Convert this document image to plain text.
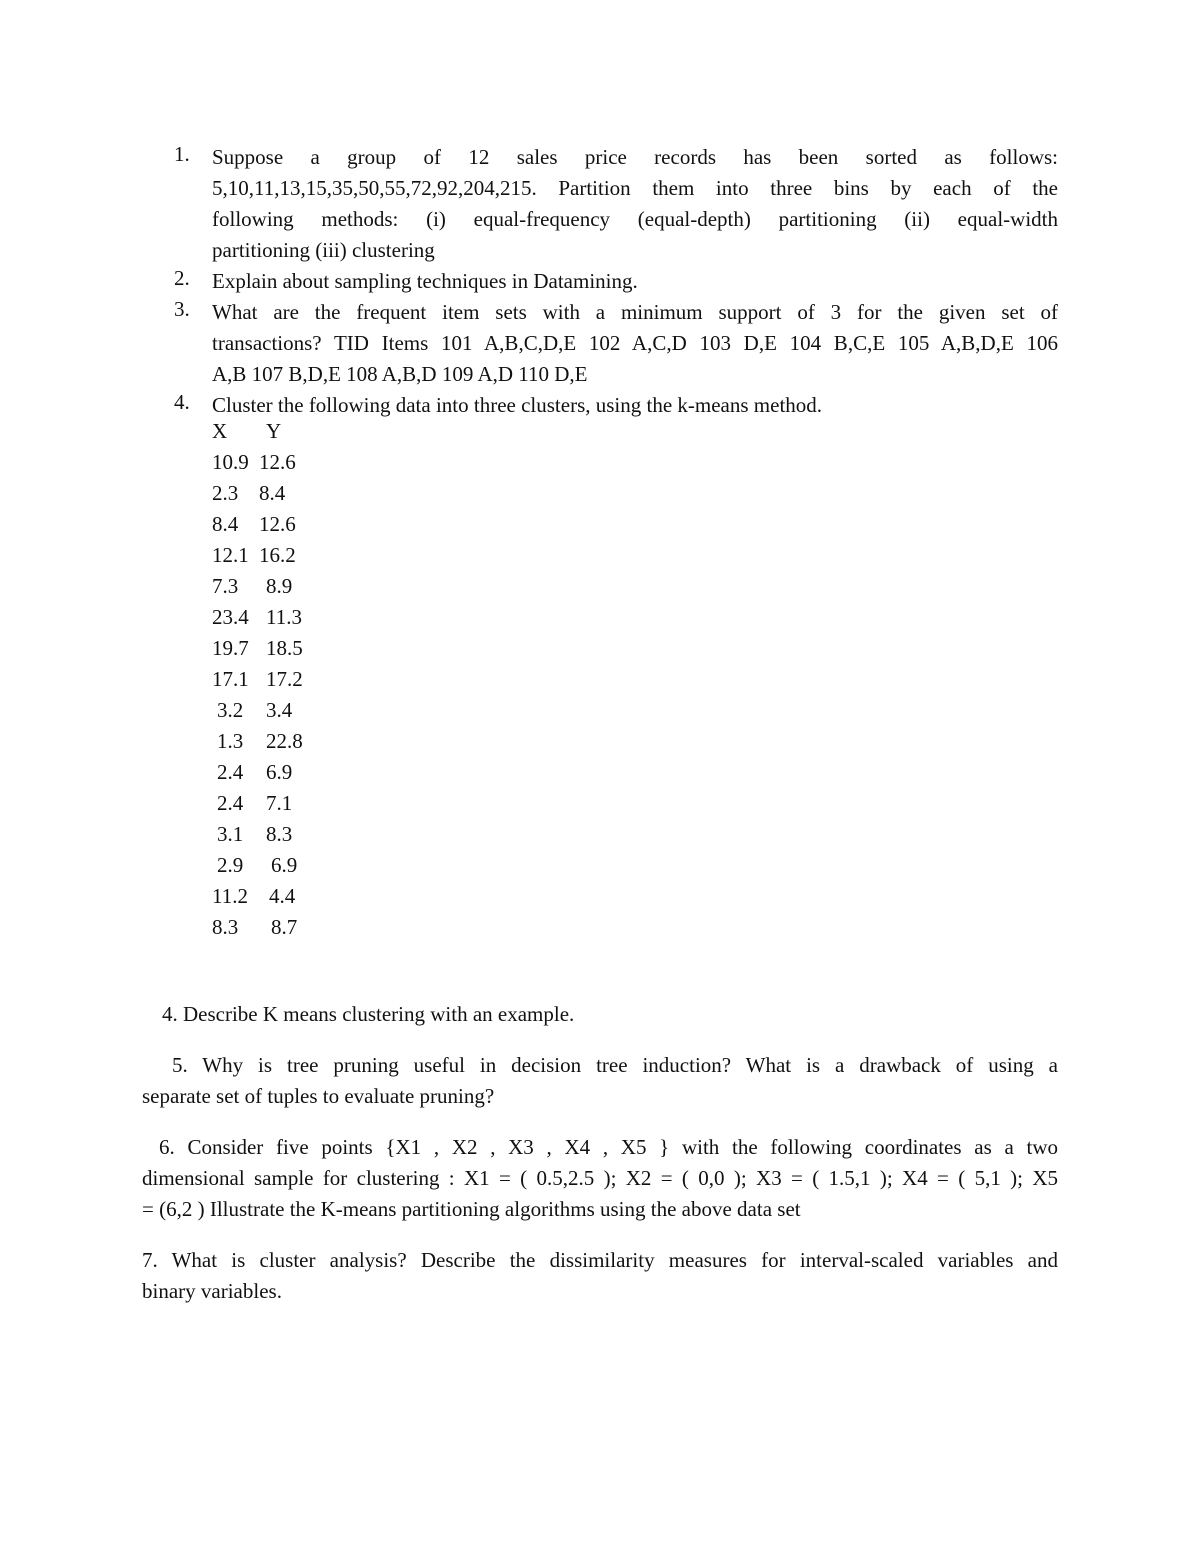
1.	Suppose a group of 12 sales price records has been sorted as follows:
5,10,11,13,15,35,50,55,72,92,204,215. Partition them into three bins by each of the
following methods: (i) equal-frequency (equal-depth) partitioning (ii) equal-width
partitioning (iii) clustering
2.	Explain about sampling techniques in Datamining.
3.	What are the frequent item sets with a minimum support of 3 for the given set of
transactions? TID Items 101 A,B,C,D,E 102 A,C,D 103 D,E 104 B,C,E 105 A,B,D,E 106
A,B 107 B,D,E 108 A,B,D 109 A,D 110 D,E
4.	Cluster the following data into three clusters, using the k-means method.
X Y
10.9 12.6
2.3 8.4
8.4 12.6
12.1 16.2
7.3 8.9
23.4 11.3
19.7 18.5
17.1 17.2
3.2 3.4
1.3 22.8
2.4 6.9
2.4 7.1
3.1 8.3
2.9 6.9
11.2 4.4
8.3 8.7
4. Describe K means clustering with an example.
5. Why is tree pruning useful in decision tree induction? What is a drawback of using a
separate set of tuples to evaluate pruning?
6. Consider five points {X1 , X2 , X3 , X4 , X5 } with the following coordinates as a two
dimensional sample for clustering : X1 = ( 0.5,2.5 ); X2 = ( 0,0 ); X3 = ( 1.5,1 ); X4 = ( 5,1 ); X5
= (6,2 ) Illustrate the K-means partitioning algorithms using the above data set
7. What is cluster analysis? Describe the dissimilarity measures for interval-scaled variables and
binary variables.
